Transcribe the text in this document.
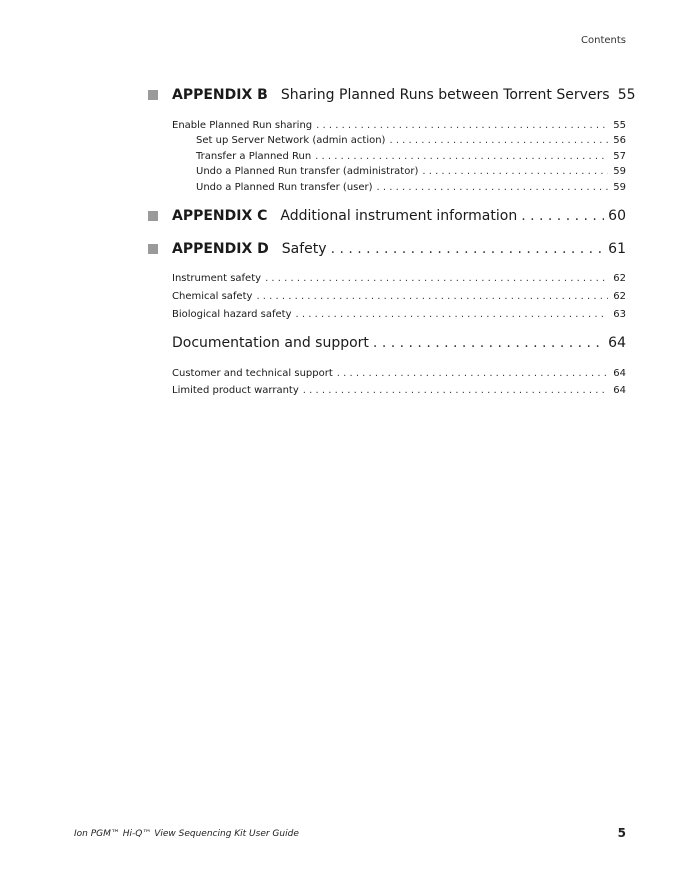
Contents
APPENDIX B Sharing Planned Runs between Torrent Servers 55
Enable Planned Run sharing . . .	55
Set up Server Network (admin action) . . .	56
Transfer a Planned Run . . .	57
Undo a Planned Run transfer (administrator) . . .	59
Undo a Planned Run transfer (user) . . .	59
APPENDIX C Additional instrument information . . .	60
APPENDIX D Safety . . .	61
Instrument safety . . .	62
Chemical safety . . .	62
Biological hazard safety . . .	63
Documentation and support . . .	64
Customer and technical support . . .	64
Limited product warranty . . .	64
Ion PGM™ Hi-Q™ View Sequencing Kit User Guide	5
